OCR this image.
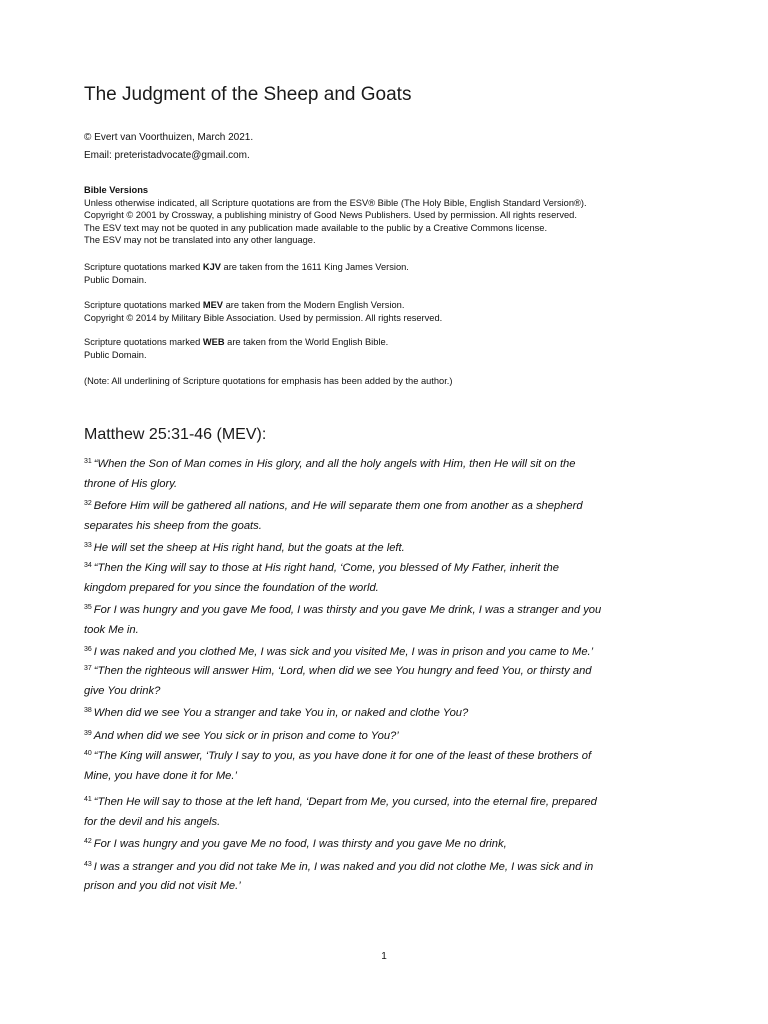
The Judgment of the Sheep and Goats
© Evert van Voorthuizen, March 2021.
Email: preteristadvocate@gmail.com.
Bible Versions
Unless otherwise indicated, all Scripture quotations are from the ESV® Bible (The Holy Bible, English Standard Version®).
Copyright © 2001 by Crossway, a publishing ministry of Good News Publishers. Used by permission. All rights reserved.
The ESV text may not be quoted in any publication made available to the public by a Creative Commons license.
The ESV may not be translated into any other language.
Scripture quotations marked KJV are taken from the 1611 King James Version.
Public Domain.
Scripture quotations marked MEV are taken from the Modern English Version.
Copyright © 2014 by Military Bible Association. Used by permission. All rights reserved.
Scripture quotations marked WEB are taken from the World English Bible.
Public Domain.
(Note: All underlining of Scripture quotations for emphasis has been added by the author.)
Matthew 25:31-46 (MEV):
$^{31}$ “When the Son of Man comes in His glory, and all the holy angels with Him, then He will sit on the
throne of His glory.
$^{32}$ Before Him will be gathered all nations, and He will separate them one from another as a shepherd
separates his sheep from the goats.
$^{33}$ He will set the sheep at His right hand, but the goats at the left.
$^{34}$ “Then the King will say to those at His right hand, ‘Come, you blessed of My Father, inherit the
kingdom prepared for you since the foundation of the world.
$^{35}$ For I was hungry and you gave Me food, I was thirsty and you gave Me drink, I was a stranger and you
took Me in.
$^{36}$ I was naked and you clothed Me, I was sick and you visited Me, I was in prison and you came to Me.’
$^{37}$ “Then the righteous will answer Him, ‘Lord, when did we see You hungry and feed You, or thirsty and
give You drink?
$^{38}$ When did we see You a stranger and take You in, or naked and clothe You?
$^{39}$ And when did we see You sick or in prison and come to You?’
$^{40}$ “The King will answer, ‘Truly I say to you, as you have done it for one of the least of these brothers of
Mine, you have done it for Me.’
$^{41}$ “Then He will say to those at the left hand, ‘Depart from Me, you cursed, into the eternal fire, prepared
for the devil and his angels.
$^{42}$ For I was hungry and you gave Me no food, I was thirsty and you gave Me no drink,
$^{43}$ I was a stranger and you did not take Me in, I was naked and you did not clothe Me, I was sick and in
prison and you did not visit Me.’
1
